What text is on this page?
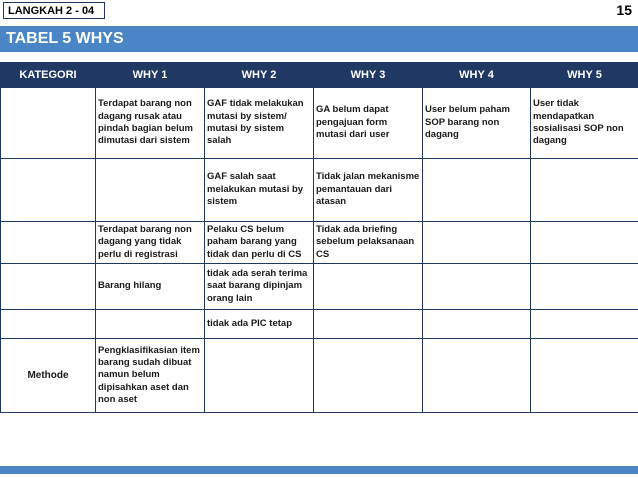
LANGKAH 2 - 04	15
TABEL 5 WHYS
KATEGORI	WHY 1	WHY 2	WHY 3	WHY 4	WHY 5
	Terdapat barang non dagang rusak atau pindah bagian belum dimutasi dari sistem	GAF tidak melakukan mutasi by sistem/ mutasi by sistem salah	GA belum dapat pengajuan form mutasi dari user	User belum paham SOP barang non dagang	User tidak mendapatkan sosialisasi SOP non dagang
		GAF salah saat melakukan mutasi by sistem	Tidak jalan mekanisme pemantauan dari atasan		
	Terdapat barang non dagang yang tidak perlu di registrasi	Pelaku CS belum paham barang yang tidak dan perlu di CS	Tidak ada briefing sebelum pelaksanaan CS		
	Barang hilang	tidak ada serah terima saat barang dipinjam orang lain			
		tidak ada PIC tetap			
Methode	Pengklasifikasian item barang sudah dibuat namun belum dipisahkan aset dan non aset				
